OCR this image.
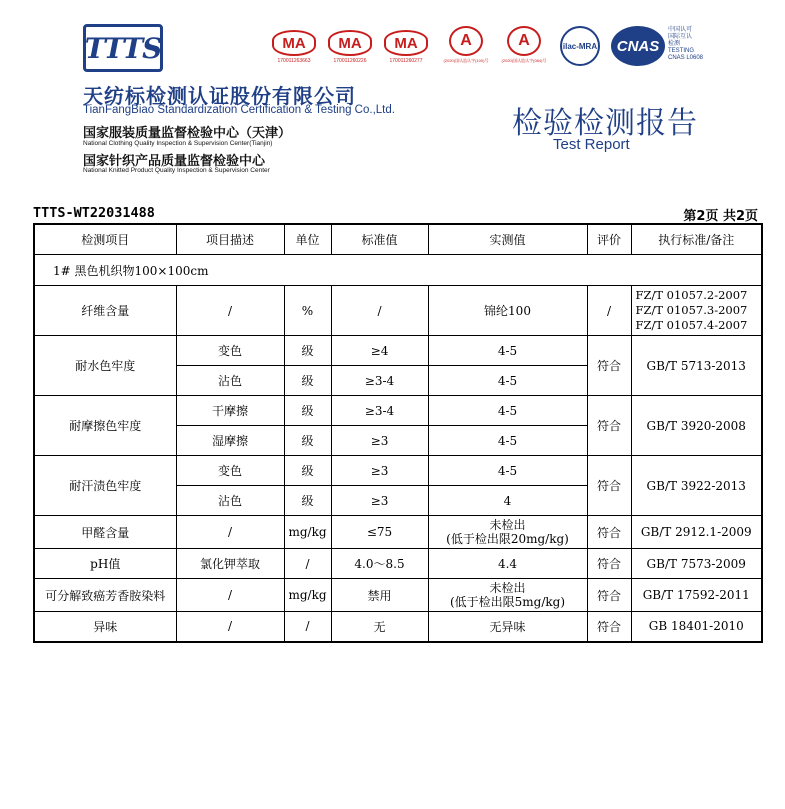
TTTS	MA
170011263663
MA
170011260226
MA
170011260277
A
(2020)国认监认字(100)号
A
(2020)国认监认字(084)号
ilac-MRA	CNAS
中国认可
国际互认
检测
TESTING
CNAS L0608
天纺标检测认证股份有限公司
TianFangBiao Standardization Certification & Testing Co.,Ltd.
国家服装质量监督检验中心（天津）
National Clothing Quality Inspection & Supervision Center(Tianjin)
国家针织产品质量监督检验中心
National Knitted Product Quality Inspection & Supervision Center
检验检测报告
Test Report
TTTS-WT22031488	第2页 共2页
检测项目	项目描述	单位	标准值	实测值	评价	执行标准/备注
1# 黑色机织物100×100cm						
纤维含量	/	%	/	锦纶100	/	FZ/T 01057.2-2007
FZ/T 01057.3-2007
FZ/T 01057.4-2007

耐水色牢度	变色	级	≥4	4-5	符合	GB/T 5713-2013
	沾色	级	≥3-4	4-5		
耐摩擦色牢度	干摩擦	级	≥3-4	4-5	符合	GB/T 3920-2008
	湿摩擦	级	≥3	4-5		
耐汗渍色牢度	变色	级	≥3	4-5	符合	GB/T 3922-2013
	沾色	级	≥3	4		
甲醛含量	/	mg/kg	≤75	未检出
(低于检出限20mg/kg)	符合	GB/T 2912.1-2009
pH值	氯化钾萃取	/	4.0～8.5	4.4	符合	GB/T 7573-2009
可分解致癌芳香胺染料	/	mg/kg	禁用	未检出
(低于检出限5mg/kg)	符合	GB/T 17592-2011
异味	/	/	无	无异味	符合	GB 18401-2010
